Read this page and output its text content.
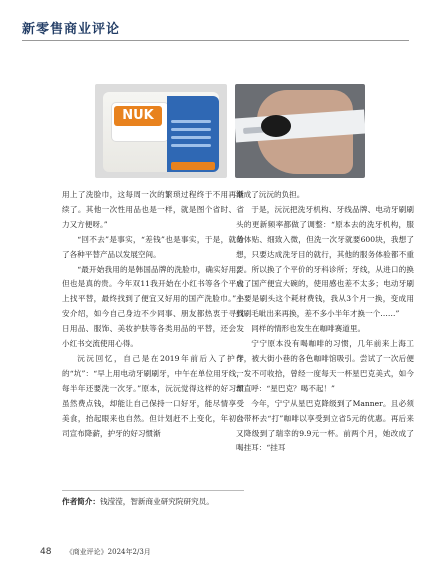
新零售商业评论
NUK

用上了洗脸巾，这每周一次的繁琐过程终于不用再继续了。其他一次性用品也是一样，就是图个省时、省力又方便呀。”

“回不去”是事实，“差钱”也是事实，于是，就给了各种平替产品以发展空间。

“最开始我用的是韩国品牌的洗脸巾，确实好用，但也是真的贵。今年双11我开始在小红书等各个平台上找平替，最终找到了便宜又好用的国产洗脸巾。”小安介绍，如今自己身边不少同事、朋友都热衷于寻找日用品、服饰、美妆护肤等各类用品的平替，还会发小红书交流使用心得。

沅沅回忆，自己是在2019年前后入了护牙的“坑”：“早上用电动牙刷刷牙，中午在单位用牙线，每半年还要洗一次牙。”原本，沅沅觉得这样的好习惯虽然费点钱，却能让自己保持一口好牙，能尽情享受美食，抬起眼来也自然。但计划赶不上变化，年初公司宣布降薪，护牙的好习惯渐

渐成了沅沅的负担。

于是，沅沅把洗牙机构、牙线品牌、电动牙刷刷头的更新频率都做了调整：“原本去的洗牙机构，服务体贴、细致入微，但洗一次牙就要600块，我想了想，只要达成洗牙目的就行，其他的服务体验都不重要。所以换了个平价的牙科诊所；牙线，从进口的换成了国产便宜大碗的，使用感也差不太多；电动牙刷主要是刷头这个耗材费钱，我从3个月一换，变成用到刷毛呲出来再换，差不多小半年才换一个……”

同样的情形也发生在咖啡赛道里。

宁宁原本没有喝咖啡的习惯，几年前来上海工作，被大街小巷的各色咖啡馆吸引。尝试了一次后便一发不可收拾，曾经一度每天一杯星巴克美式，如今却直呼：“星巴克？喝不起！”

今年，宁宁从星巴克降级到了Manner。且必须自带杯去“打”咖啡以享受到立省5元的优惠。再后来又降级到了瑞幸的9.9元一杯。前两个月，她改成了喝挂耳：“挂耳

作者简介：钱滢滢，智新商业研究院研究员。
48 《商业评论》2024年2/3月
